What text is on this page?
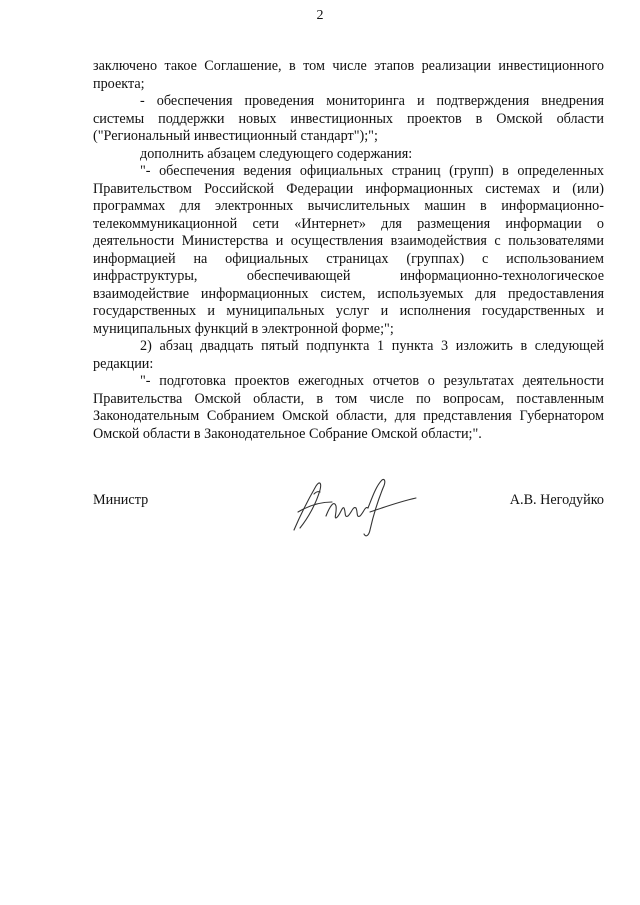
2

заключено такое Соглашение, в том числе этапов реализации инвестиционного проекта;

- обеспечения проведения мониторинга и подтверждения внедрения системы поддержки новых инвестиционных проектов в Омской области ("Региональный инвестиционный стандарт");";

дополнить абзацем следующего содержания:

"- обеспечения ведения официальных страниц (групп) в определенных Правительством Российской Федерации информационных системах и (или) программах для электронных вычислительных машин в информационно-телекоммуникационной сети «Интернет» для размещения информации о деятельности Министерства и осуществления взаимодействия с пользователями информацией на официальных страницах (группах) с использованием инфраструктуры, обеспечивающей информационно-технологическое взаимодействие информационных систем, используемых для предоставления государственных и муниципальных услуг и исполнения государственных и муниципальных функций в электронной форме;";

2) абзац двадцать пятый подпункта 1 пункта 3 изложить в следующей редакции:

"- подготовка проектов ежегодных отчетов о результатах деятельности Правительства Омской области, в том числе по вопросам, поставленным Законодательным Собранием Омской области, для представления Губернатором Омской области в Законодательное Собрание Омской области;".

Министр	А.В. Негодуйко
